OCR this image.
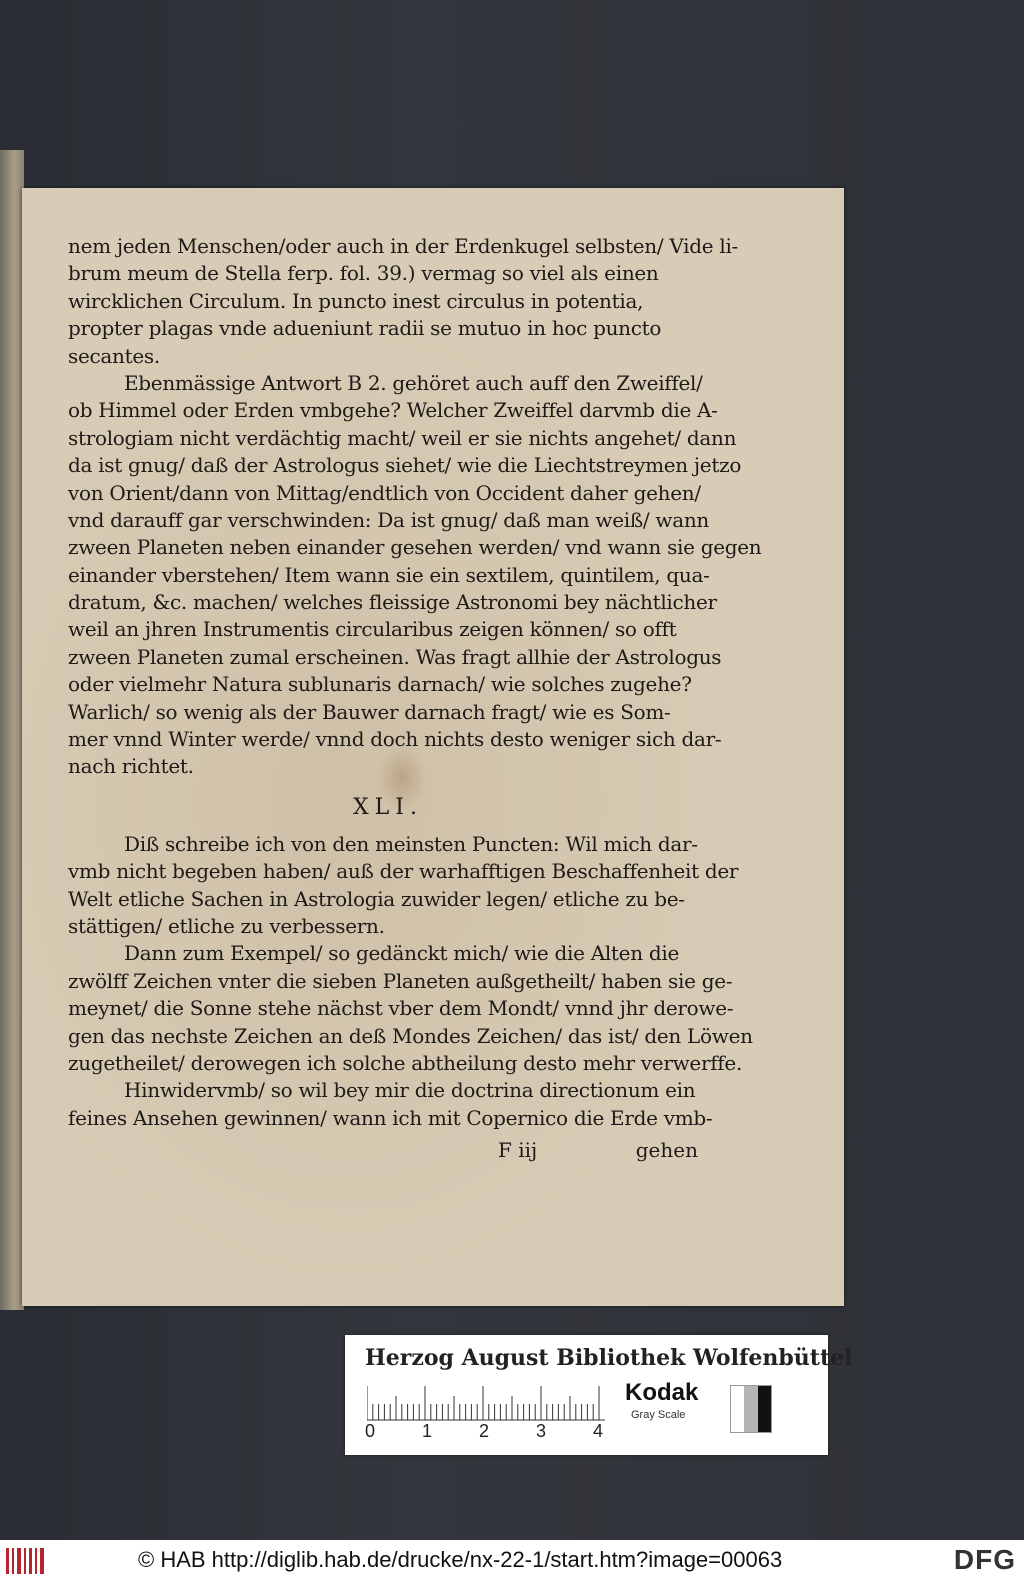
nem jeden Menschen/oder auch in der Erdenkugel selbsten/ Vide li-
brum meum de Stella ferp. fol. 39.) vermag so viel als einen
wircklichen Circulum. In puncto inest circulus in potentia,
propter plagas vnde adueniunt radii se mutuo in hoc puncto
secantes.
Ebenmässige Antwort B 2. gehöret auch auff den Zweiffel/
ob Himmel oder Erden vmbgehe? Welcher Zweiffel darvmb die A-
strologiam nicht verdächtig macht/ weil er sie nichts angehet/ dann
da ist gnug/ daß der Astrologus siehet/ wie die Liechtstreymen jetzo
von Orient/dann von Mittag/endtlich von Occident daher gehen/
vnd darauff gar verschwinden: Da ist gnug/ daß man weiß/ wann
zween Planeten neben einander gesehen werden/ vnd wann sie gegen
einander vberstehen/ Item wann sie ein sextilem, quintilem, qua-
dratum, &c. machen/ welches fleissige Astronomi bey nächtlicher
weil an jhren Instrumentis circularibus zeigen können/ so offt
zween Planeten zumal erscheinen. Was fragt allhie der Astrologus
oder vielmehr Natura sublunaris darnach/ wie solches zugehe?
Warlich/ so wenig als der Bauwer darnach fragt/ wie es Som-
mer vnnd Winter werde/ vnnd doch nichts desto weniger sich dar-
nach richtet.
XLI.
Diß schreibe ich von den meinsten Puncten: Wil mich dar-
vmb nicht begeben haben/ auß der warhafftigen Beschaffenheit der
Welt etliche Sachen in Astrologia zuwider legen/ etliche zu be-
stättigen/ etliche zu verbessern.
Dann zum Exempel/ so gedänckt mich/ wie die Alten die
zwölff Zeichen vnter die sieben Planeten außgetheilt/ haben sie ge-
meynet/ die Sonne stehe nächst vber dem Mondt/ vnnd jhr derowe-
gen das nechste Zeichen an deß Mondes Zeichen/ das ist/ den Löwen
zugetheilet/ derowegen ich solche abtheilung desto mehr verwerffe.
Hinwidervmb/ so wil bey mir die doctrina directionum ein
feines Ansehen gewinnen/ wann ich mit Copernico die Erde vmb-
F iij	gehen
Herzog August Bibliothek Wolfenbüttel
0	1	2	3	4
Kodak
Gray Scale
© HAB http://diglib.hab.de/drucke/nx-22-1/start.htm?image=00063	DFG
